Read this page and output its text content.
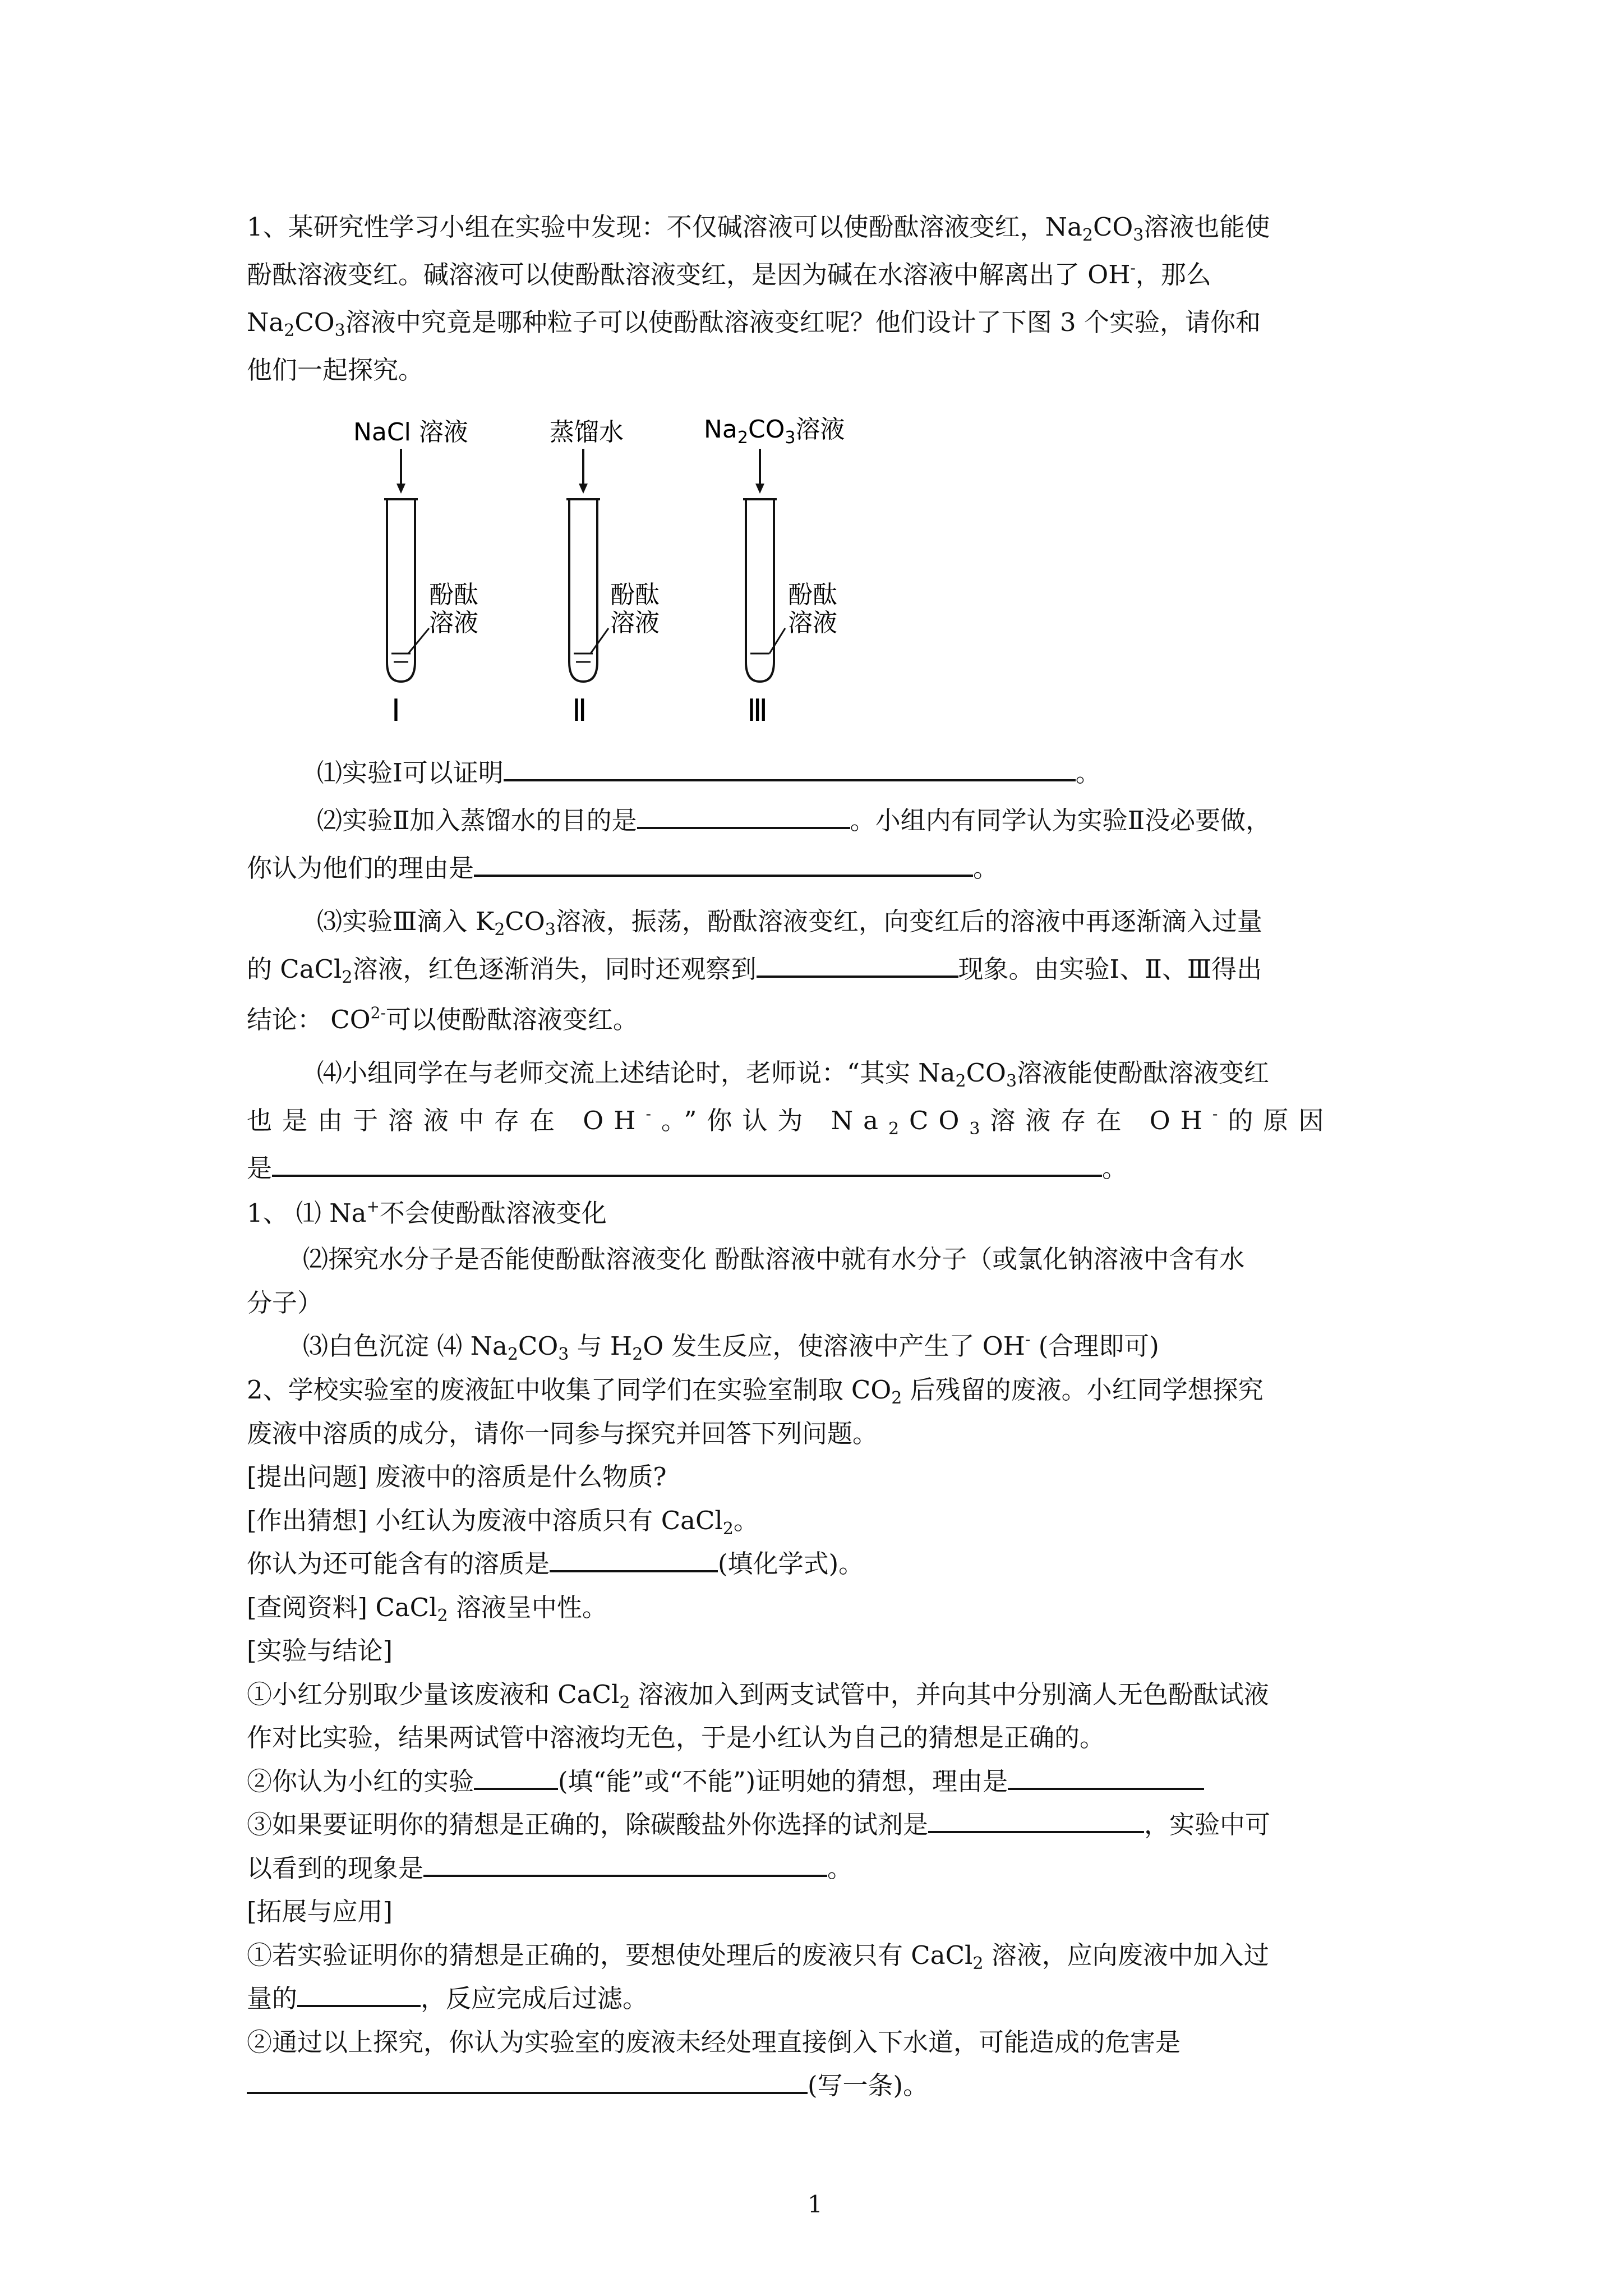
1、某研究性学习小组在实验中发现：不仅碱溶液可以使酚酞溶液变红，$Na_2CO_3$溶液也能使
酚酞溶液变红。碱溶液可以使酚酞溶液变红，是因为碱在水溶液中解离出了 OH-，那么
$Na_2CO_3$溶液中究竟是哪种粒子可以使酚酞溶液变红呢？他们设计了下图 3 个实验，请你和
他们一起探究。
NaCl 溶液	蒸馏水	$Na_2CO_3$溶液
酚酞
溶液
酚酞
溶液
酚酞
溶液
Ⅰ	Ⅱ	Ⅲ
⑴实验Ⅰ可以证明	。
⑵实验Ⅱ加入蒸馏水的目的是	。小组内有同学认为实验Ⅱ没必要做，
你认为他们的理由是	。
⑶实验Ⅲ滴入 $K_2CO_3$溶液，振荡，酚酞溶液变红，向变红后的溶液中再逐渐滴入过量
的 CaCl$_2$溶液，红色逐渐消失，同时还观察到	现象。由实验Ⅰ、Ⅱ、Ⅲ得出
结论： $CO^{2-}$可以使酚酞溶液变红。
⑷小组同学在与老师交流上述结论时，老师说：“其实 $Na_2CO_3$溶液能使酚酞溶液变红
也是由于溶液中存在 OH-。”你认为 $Na_2CO_3$溶液存在 OH-的原因
是	。
1、 ⑴ Na+不会使酚酞溶液变化
⑵探究水分子是否能使酚酞溶液变化 酚酞溶液中就有水分子（或氯化钠溶液中含有水
分子）
⑶白色沉淀 ⑷ $Na_2CO_3$ 与 $H_2O$ 发生反应，使溶液中产生了 OH- (合理即可)
2、学校实验室的废液缸中收集了同学们在实验室制取 $CO_2$ 后残留的废液。小红同学想探究
废液中溶质的成分，请你一同参与探究并回答下列问题。
[提出问题] 废液中的溶质是什么物质?
[作出猜想] 小红认为废液中溶质只有 CaCl$_2$。
你认为还可能含有的溶质是	(填化学式)。
[查阅资料] CaCl$_2$ 溶液呈中性。
[实验与结论]
①小红分别取少量该废液和 CaCl$_2$ 溶液加入到两支试管中，并向其中分别滴人无色酚酞试液
作对比实验，结果两试管中溶液均无色，于是小红认为自己的猜想是正确的。
②你认为小红的实验	(填“能”或“不能”)证明她的猜想，理由是
③如果要证明你的猜想是正确的，除碳酸盐外你选择的试剂是	，实验中可
以看到的现象是	。
[拓展与应用]
①若实验证明你的猜想是正确的，要想使处理后的废液只有 CaCl$_2$ 溶液，应向废液中加入过
量的	，反应完成后过滤。
②通过以上探究，你认为实验室的废液未经处理直接倒入下水道，可能造成的危害是
(写一条)。
1
